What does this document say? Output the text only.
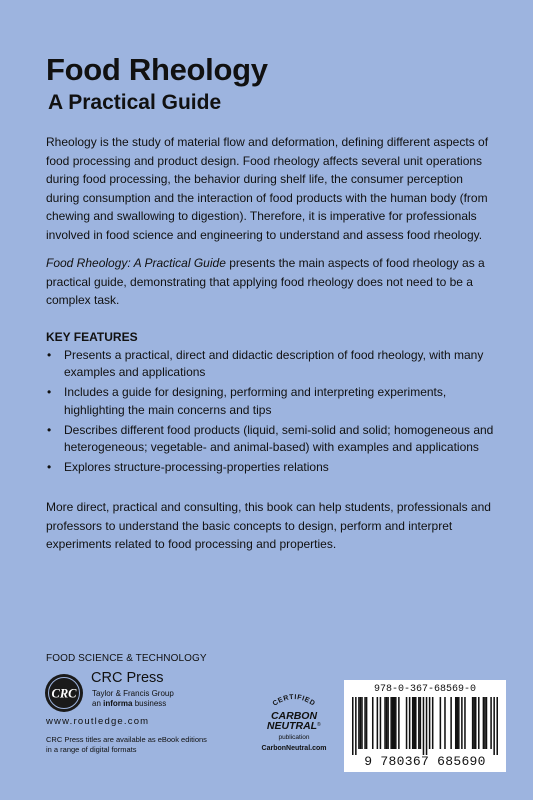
Food Rheology
A Practical Guide

Rheology is the study of material flow and deformation, defining different aspects of food processing and product design. Food rheology affects several unit operations during food processing, the behavior during shelf life, the consumer perception during consumption and the interaction of food products with the human body (from chewing and swallowing to digestion). Therefore, it is imperative for professionals involved in food science and engineering to understand and assess food rheology.

Food Rheology: A Practical Guide presents the main aspects of food rheology as a practical guide, demonstrating that applying food rheology does not need to be a complex task.

KEY FEATURES
• Presents a practical, direct and didactic description of food rheology, with many examples and applications
• Includes a guide for designing, performing and interpreting experiments, highlighting the main concerns and tips
• Describes different food products (liquid, semi-solid and solid; homogeneous and heterogeneous; vegetable- and animal-based) with examples and applications
• Explores structure-processing-properties relations

More direct, practical and consulting, this book can help students, professionals and professors to understand the basic concepts to design, perform and interpret experiments related to food processing and properties.

FOOD SCIENCE & TECHNOLOGY
CRC
CRC Press
Taylor & Francis Group
an informa business
www.routledge.com
CRC Press titles are available as eBook editions
in a range of digital formats
CERTIFIED
CARBON
NEUTRAL ®
publication
CarbonNeutral.com
978-0-367-68569-0
9 780367 685690
